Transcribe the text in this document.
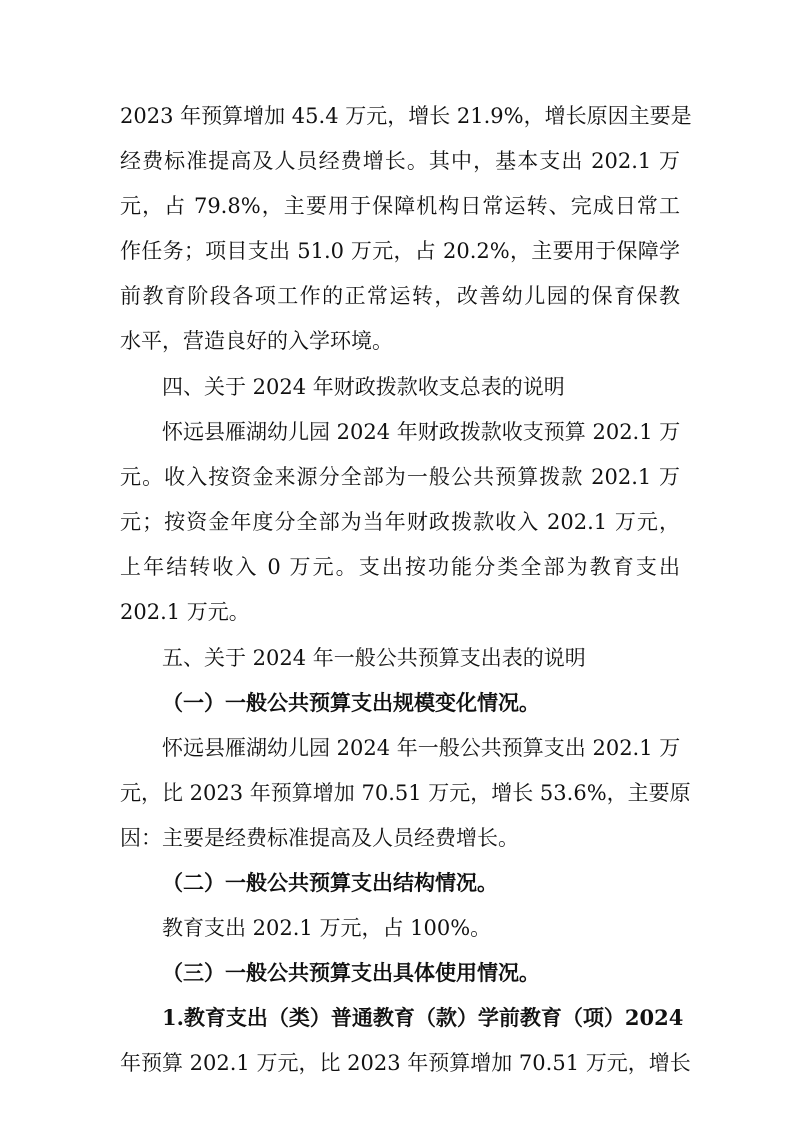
2023 年预算增加 45.4 万元，增长 21.9%，增长原因主要是
经费标准提高及人员经费增长。其中，基本支出 202.1 万
元，占 79.8%，主要用于保障机构日常运转、完成日常工
作任务；项目支出 51.0 万元，占 20.2%，主要用于保障学
前教育阶段各项工作的正常运转，改善幼儿园的保育保教
水平，营造良好的入学环境。
四、关于 2024 年财政拨款收支总表的说明
怀远县雁湖幼儿园 2024 年财政拨款收支预算 202.1 万
元。收入按资金来源分全部为一般公共预算拨款 202.1 万
元；按资金年度分全部为当年财政拨款收入 202.1 万元，
上年结转收入 0 万元。支出按功能分类全部为教育支出
202.1 万元。
五、关于 2024 年一般公共预算支出表的说明
（一）一般公共预算支出规模变化情况。
怀远县雁湖幼儿园 2024 年一般公共预算支出 202.1 万
元，比 2023 年预算增加 70.51 万元，增长 53.6%，主要原
因：主要是经费标准提高及人员经费增长。
（二）一般公共预算支出结构情况。
教育支出 202.1 万元，占 100%。
（三）一般公共预算支出具体使用情况。
1.教育支出（类）普通教育（款）学前教育（项）2024
年预算 202.1 万元，比 2023 年预算增加 70.51 万元，增长
